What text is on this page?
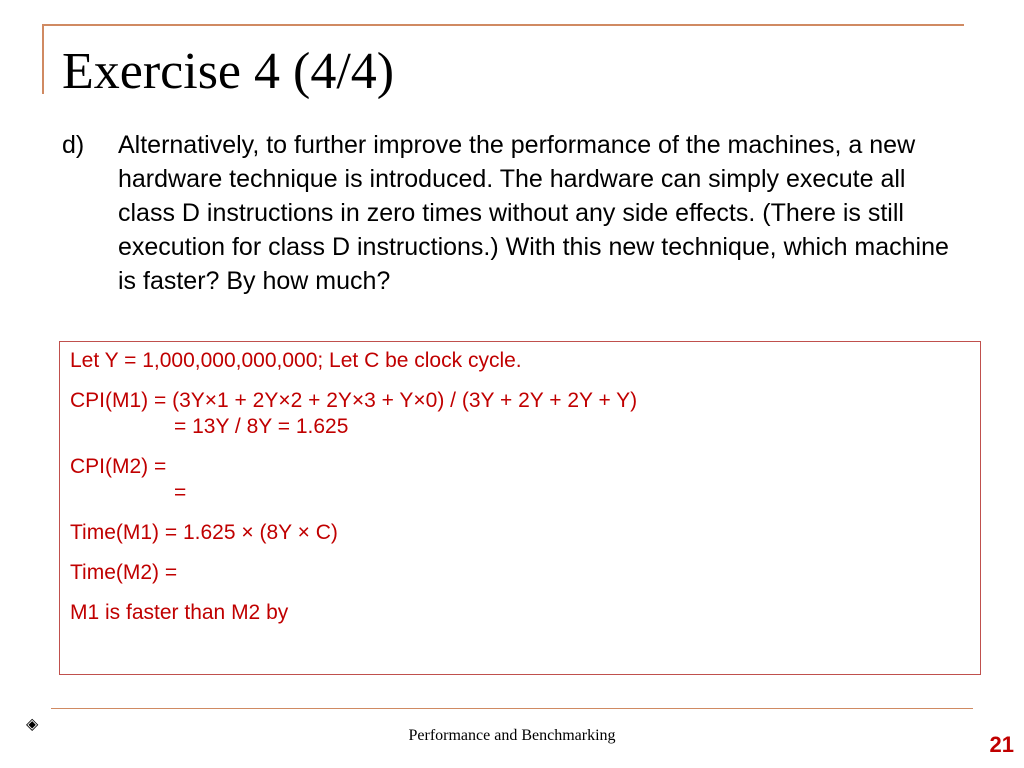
Exercise 4 (4/4)
d) Alternatively, to further improve the performance of the machines, a new hardware technique is introduced. The hardware can simply execute all class D instructions in zero times without any side effects. (There is still execution for class D instructions.) With this new technique, which machine is faster? By how much?

Let Y = 1,000,000,000,000; Let C be clock cycle.

CPI(M1) = (3Y×1 + 2Y×2 + 2Y×3 + Y×0) / (3Y + 2Y + 2Y + Y)

= 13Y / 8Y = 1.625

CPI(M2) =

=

Time(M1) = 1.625 × (8Y × C)

Time(M2) =

M1 is faster than M2 by

◈
Performance and Benchmarking	21
